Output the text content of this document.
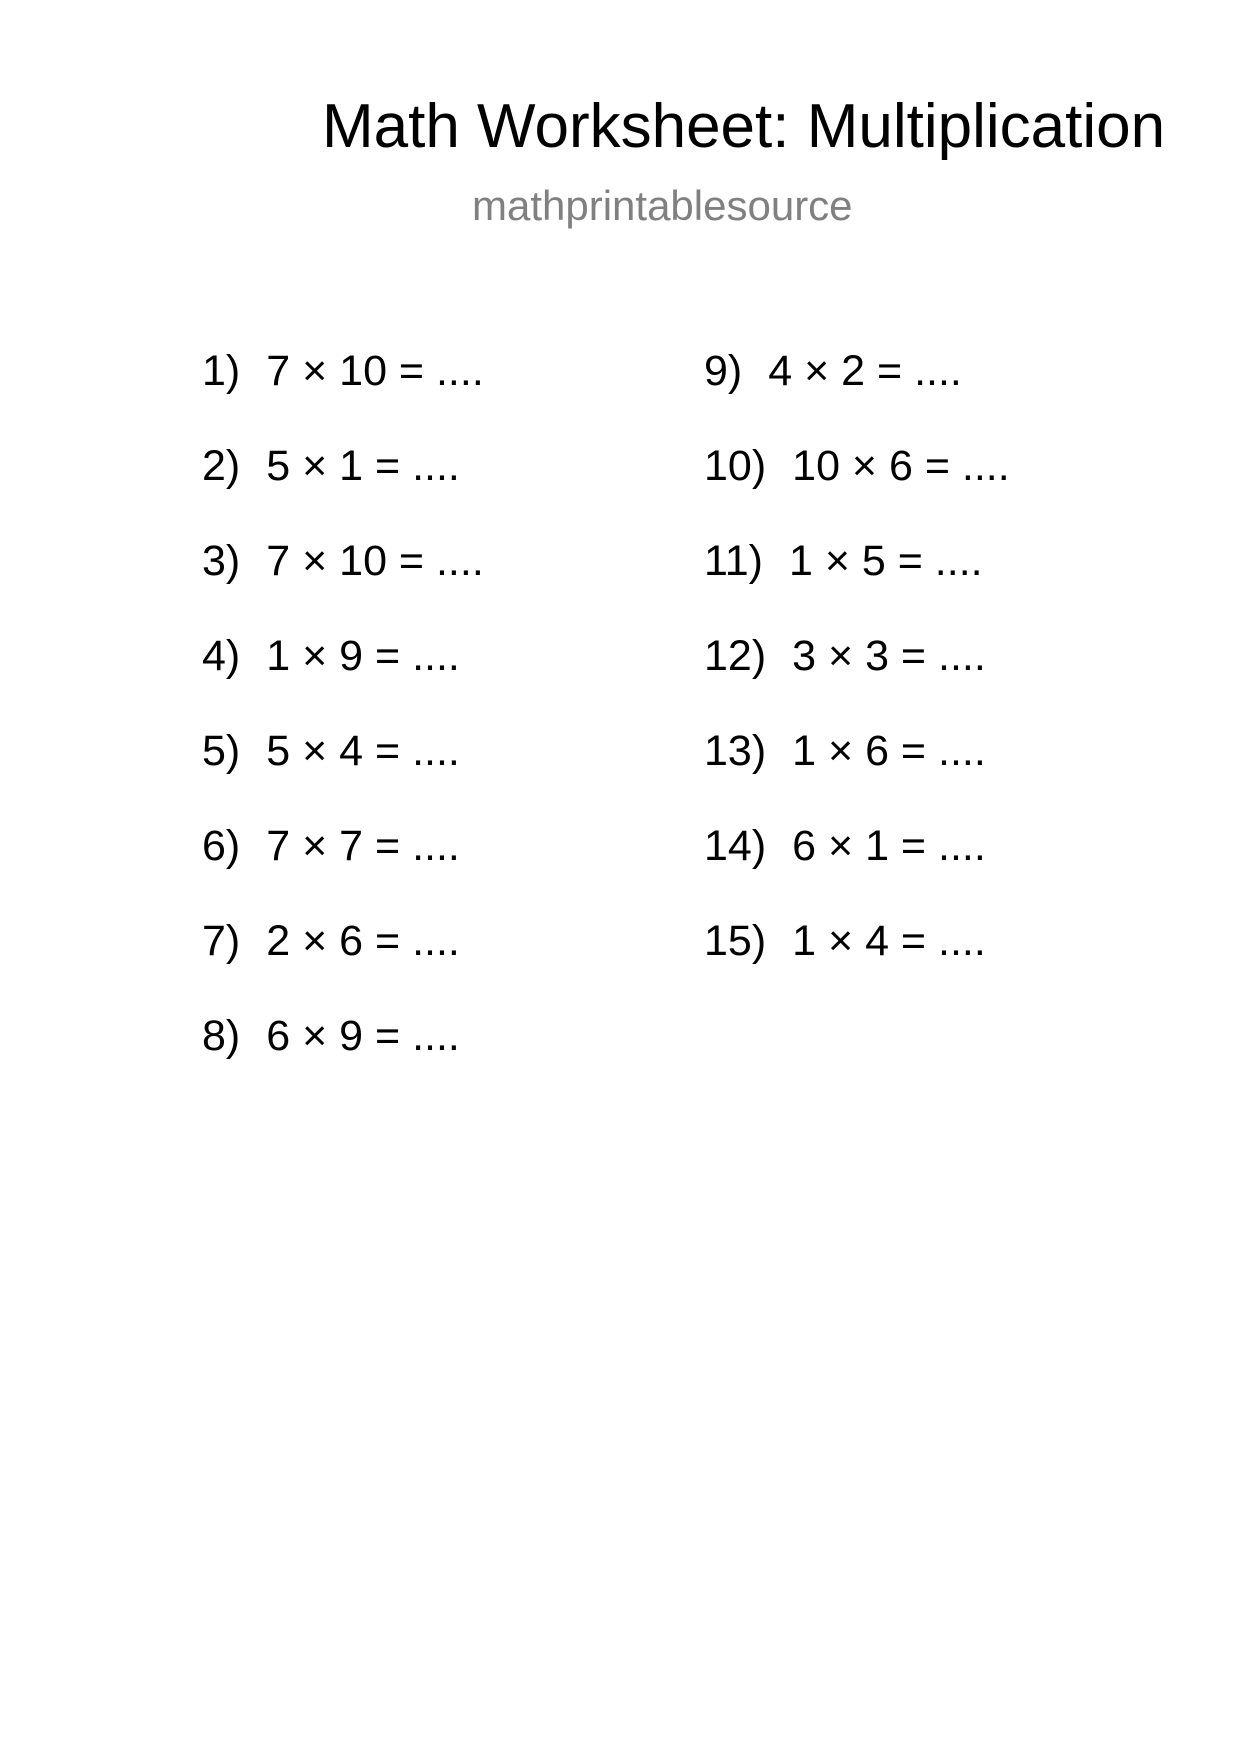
Math Worksheet: Multiplication
mathprintablesource
1) 7 × 10 = ....
2) 5 × 1 = ....
3) 7 × 10 = ....
4) 1 × 9 = ....
5) 5 × 4 = ....
6) 7 × 7 = ....
7) 2 × 6 = ....
8) 6 × 9 = ....
9) 4 × 2 = ....
10) 10 × 6 = ....
11) 1 × 5 = ....
12) 3 × 3 = ....
13) 1 × 6 = ....
14) 6 × 1 = ....
15) 1 × 4 = ....
